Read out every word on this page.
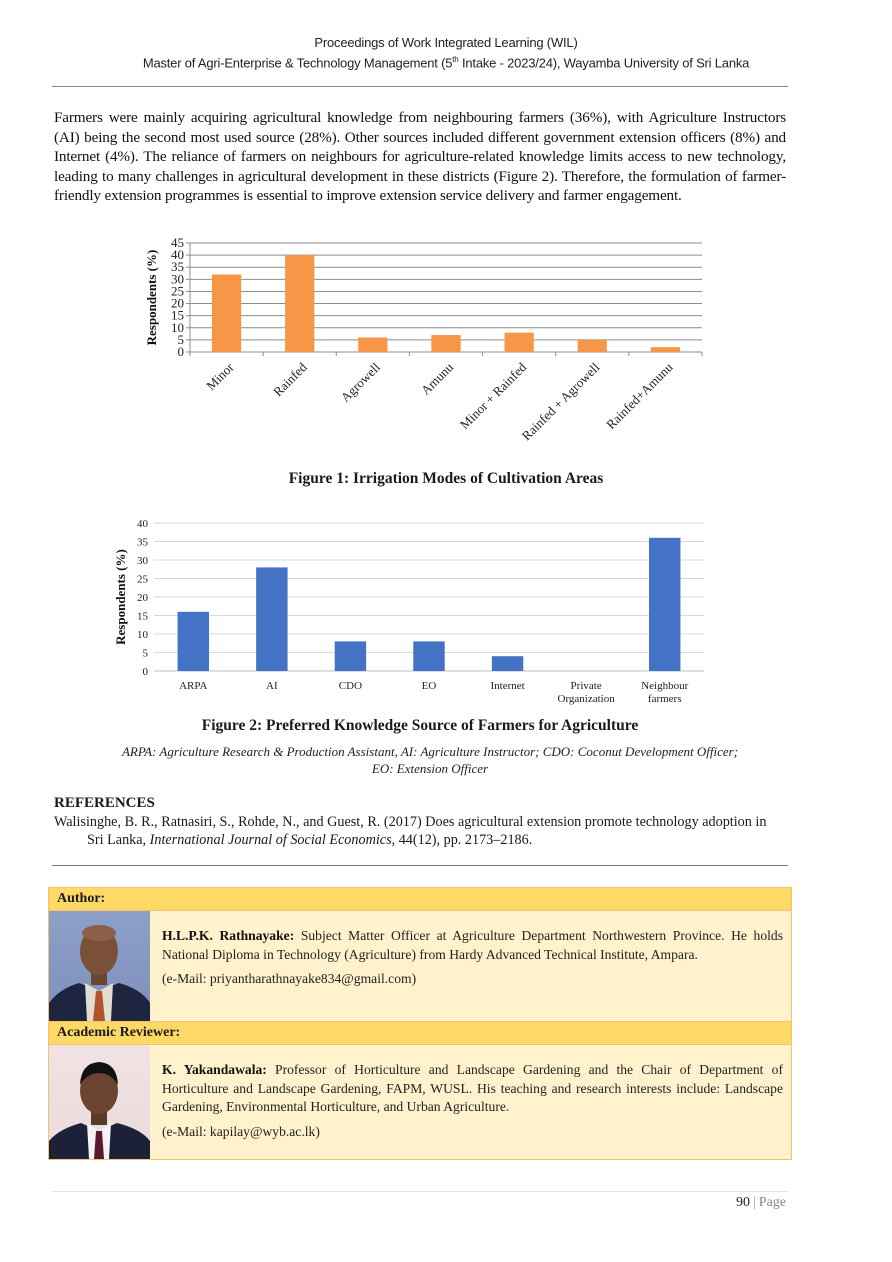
Proceedings of Work Integrated Learning (WIL)
Master of Agri-Enterprise & Technology Management (5th Intake - 2023/24), Wayamba University of Sri Lanka

Farmers were mainly acquiring agricultural knowledge from neighbouring farmers (36%), with Agriculture Instructors (AI) being the second most used source (28%). Other sources included different government extension officers (8%) and Internet (4%). The reliance of farmers on neighbours for agriculture-related knowledge limits access to new technology, leading to many challenges in agricultural development in these districts (Figure 2). Therefore, the formulation of farmer-friendly extension programmes is essential to improve extension service delivery and farmer engagement.

0
5
10
15
20
25
30
35
40
45
Minor	Rainfed Agrowell	Amunu Minor + Rainfed
Rainfed + Agrowell Rainfed+Amunu
Respondents (%)
Figure 1: Irrigation Modes of Cultivation Areas
0
5
10
15
20
25
30
35
40
ARPA	AI	CDO	EO	Internet	Private
Organization
Neighbour
farmers
Respondents (%)
Figure 2: Preferred Knowledge Source of Farmers for Agriculture
ARPA: Agriculture Research & Production Assistant, AI: Agriculture Instructor; CDO: Coconut Development Officer;
EO: Extension Officer
REFERENCES
Walisinghe, B. R., Ratnasiri, S., Rohde, N., and Guest, R. (2017) Does agricultural extension promote technology adoption in Sri Lanka, International Journal of Social Economics, 44(12), pp. 2173–2186.
Author:
H.L.P.K. Rathnayake: Subject Matter Officer at Agriculture Department Northwestern Province. He holds National Diploma in Technology (Agriculture) from Hardy Advanced Technical Institute, Ampara.
(e-Mail: priyantharathnayake834@gmail.com)
Academic Reviewer:
K. Yakandawala: Professor of Horticulture and Landscape Gardening and the Chair of Department of Horticulture and Landscape Gardening, FAPM, WUSL. His teaching and research interests include: Landscape Gardening, Environmental Horticulture, and Urban Agriculture.
(e-Mail: kapilay@wyb.ac.lk)
90 | Page
